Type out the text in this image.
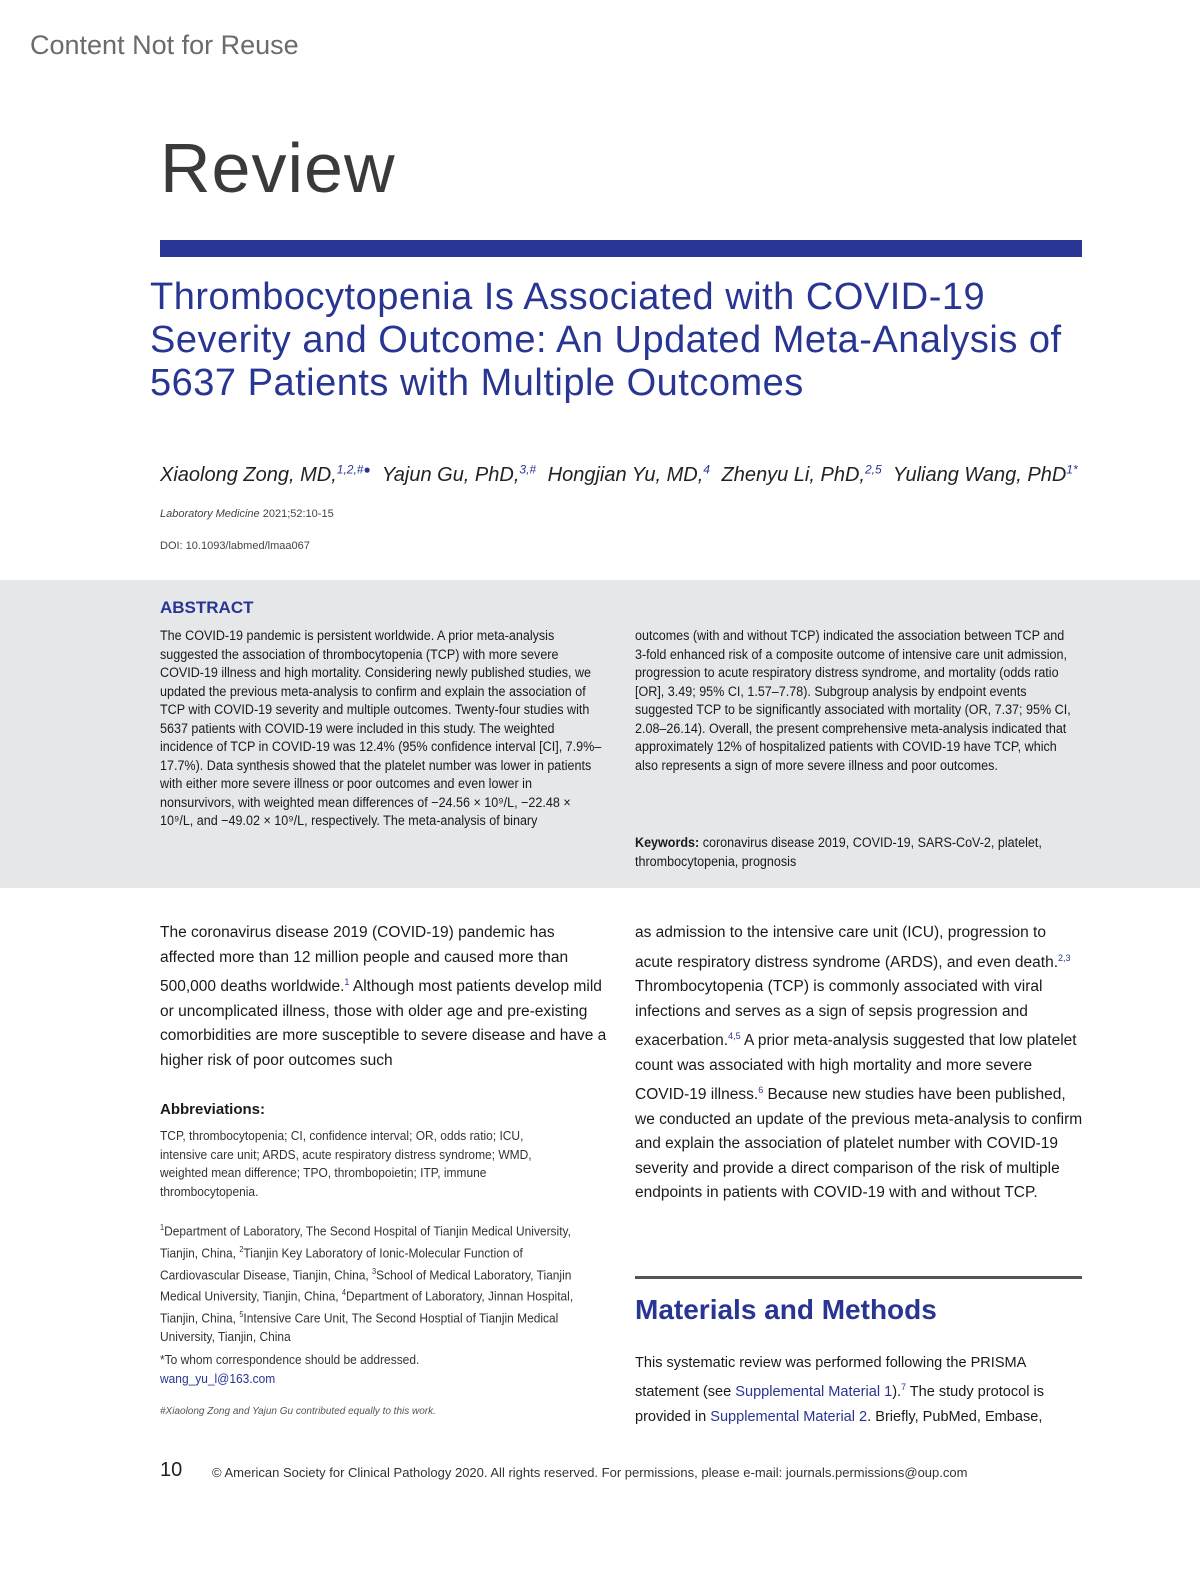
Content Not for Reuse
Review
Thrombocytopenia Is Associated with COVID-19 Severity and Outcome: An Updated Meta-Analysis of 5637 Patients with Multiple Outcomes
Xiaolong Zong, MD,$^{1,2,\#●}$ Yajun Gu, PhD,$^{3,\#}$ Hongjian Yu, MD,$^4$ Zhenyu Li, PhD,$^{2,5}$ Yuliang Wang, PhD$^{1*}$
Laboratory Medicine 2021;52:10-15
DOI: 10.1093/labmed/lmaa067
ABSTRACT

The COVID-19 pandemic is persistent worldwide. A prior meta-analysis suggested the association of thrombocytopenia (TCP) with more severe COVID-19 illness and high mortality. Considering newly published studies, we updated the previous meta-analysis to confirm and explain the association of TCP with COVID-19 severity and multiple outcomes. Twenty-four studies with 5637 patients with COVID-19 were included in this study. The weighted incidence of TCP in COVID-19 was 12.4% (95% confidence interval [CI], 7.9%–17.7%). Data synthesis showed that the platelet number was lower in patients with either more severe illness or poor outcomes and even lower in nonsurvivors, with weighted mean differences of −24.56 × 10⁹/L, −22.48 × 10⁹/L, and −49.02 × 10⁹/L, respectively. The meta-analysis of binary

outcomes (with and without TCP) indicated the association between TCP and 3-fold enhanced risk of a composite outcome of intensive care unit admission, progression to acute respiratory distress syndrome, and mortality (odds ratio [OR], 3.49; 95% CI, 1.57–7.78). Subgroup analysis by endpoint events suggested TCP to be significantly associated with mortality (OR, 7.37; 95% CI, 2.08–26.14). Overall, the present comprehensive meta-analysis indicated that approximately 12% of hospitalized patients with COVID-19 have TCP, which also represents a sign of more severe illness and poor outcomes.

Keywords: coronavirus disease 2019, COVID-19, SARS-CoV-2, platelet, thrombocytopenia, prognosis

The coronavirus disease 2019 (COVID-19) pandemic has affected more than 12 million people and caused more than 500,000 deaths worldwide.$^1$ Although most patients develop mild or uncomplicated illness, those with older age and pre-existing comorbidities are more susceptible to severe disease and have a higher risk of poor outcomes such

as admission to the intensive care unit (ICU), progression to acute respiratory distress syndrome (ARDS), and even death.$^{2,3}$ Thrombocytopenia (TCP) is commonly associated with viral infections and serves as a sign of sepsis progression and exacerbation.$^{4,5}$ A prior meta-analysis suggested that low platelet count was associated with high mortality and more severe COVID-19 illness.$^6$ Because new studies have been published, we conducted an update of the previous meta-analysis to confirm and explain the association of platelet number with COVID-19 severity and provide a direct comparison of the risk of multiple endpoints in patients with COVID-19 with and without TCP.

Abbreviations:

TCP, thrombocytopenia; CI, confidence interval; OR, odds ratio; ICU, intensive care unit; ARDS, acute respiratory distress syndrome; WMD, weighted mean difference; TPO, thrombopoietin; ITP, immune thrombocytopenia.

$^1$Department of Laboratory, The Second Hospital of Tianjin Medical University, Tianjin, China, $^2$Tianjin Key Laboratory of Ionic-Molecular Function of Cardiovascular Disease, Tianjin, China, $^3$School of Medical Laboratory, Tianjin Medical University, Tianjin, China, $^4$Department of Laboratory, Jinnan Hospital, Tianjin, China, $^5$Intensive Care Unit, The Second Hosptial of Tianjin Medical University, Tianjin, China

*To whom correspondence should be addressed.
wang_yu_l@163.com
#Xiaolong Zong and Yajun Gu contributed equally to this work.
Materials and Methods

This systematic review was performed following the PRISMA statement (see Supplemental Material 1).$^7$ The study protocol is provided in Supplemental Material 2. Briefly, PubMed, Embase,

10 © American Society for Clinical Pathology 2020. All rights reserved. For permissions, please e-mail: journals.permissions@oup.com
